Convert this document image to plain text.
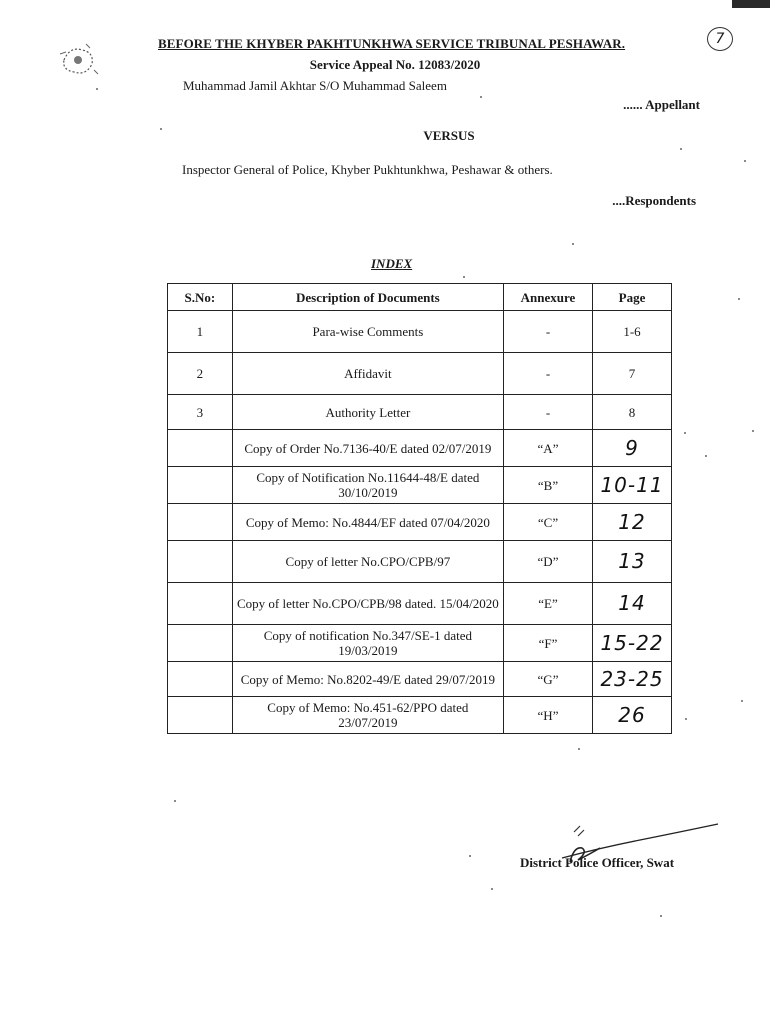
7
BEFORE THE KHYBER PAKHTUNKHWA SERVICE TRIBUNAL PESHAWAR.
Service Appeal No. 12083/2020
Muhammad Jamil Akhtar S/O Muhammad Saleem
...... Appellant
VERSUS
Inspector General of Police, Khyber Pukhtunkhwa, Peshawar & others.
....Respondents
INDEX
S.No:	Description of Documents	Annexure	Page
1	Para-wise Comments	-	1-6
2	Affidavit	-	7
3	Authority Letter	-	8
	Copy of Order No.7136-40/E dated 02/07/2019	“A”	9
	Copy of Notification No.11644-48/E dated 30/10/2019	“B”	10-11
	Copy of Memo: No.4844/EF dated 07/04/2020	“C”	12
	Copy of letter No.CPO/CPB/97	“D”	13
	Copy of letter No.CPO/CPB/98 dated. 15/04/2020	“E”	14
	Copy of notification No.347/SE-1 dated 19/03/2019	“F”	15-22
	Copy of Memo: No.8202-49/E dated 29/07/2019	“G”	23-25
	Copy of Memo: No.451-62/PPO dated 23/07/2019	“H”	26
District Police Officer, Swat
